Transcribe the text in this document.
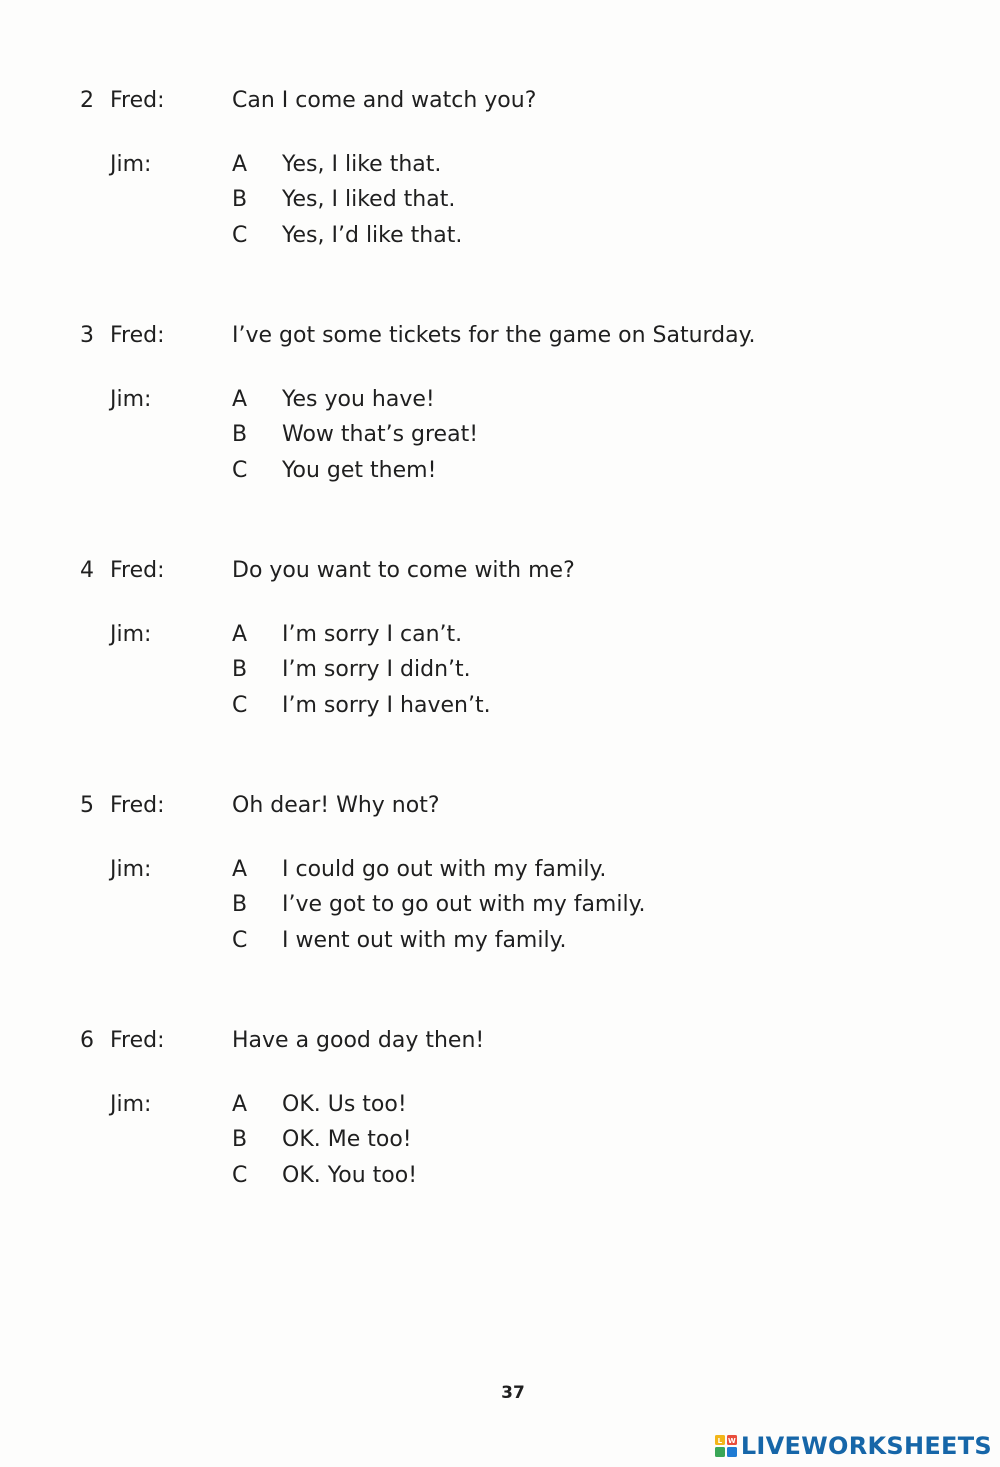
2 Fred:	Can I come and watch you?
Jim:	A Yes, I like that.
B Yes, I liked that.
C Yes, I’d like that.
3 Fred:	I’ve got some tickets for the game on Saturday.
Jim:	A Yes you have!
B Wow that’s great!
C You get them!
4 Fred:	Do you want to come with me?
Jim:	A I’m sorry I can’t.
B I’m sorry I didn’t.
C I’m sorry I haven’t.
5 Fred:	Oh dear! Why not?
Jim:	A I could go out with my family.
B I’ve got to go out with my family.
C I went out with my family.
6 Fred:	Have a good day then!
Jim:	A OK. Us too!
B OK. Me too!
C OK. You too!
37
L W LIVEWORKSHEETS
